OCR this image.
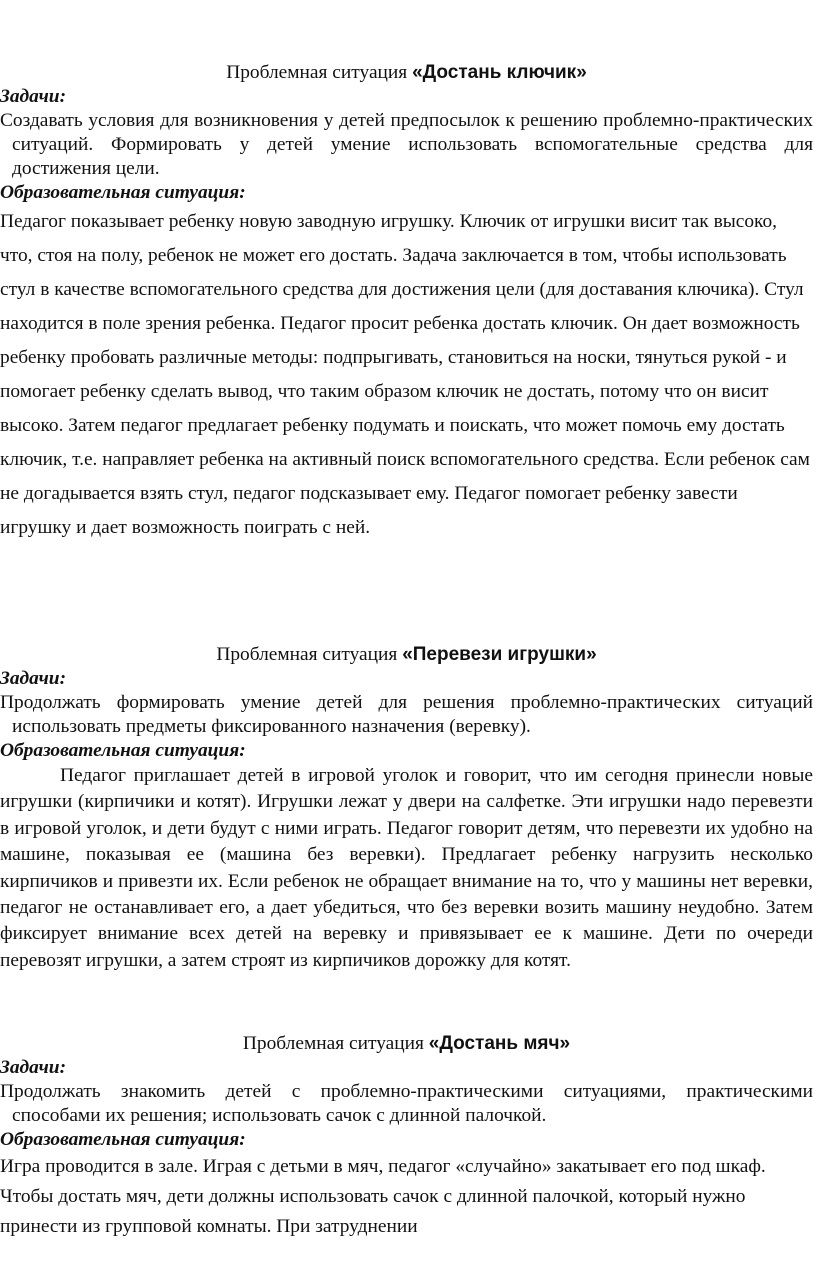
Проблемная ситуация «Достань ключик»

Задачи:

Создавать условия для возникновения у детей предпосылок к решению проблемно-практических ситуаций. Формировать у детей умение использовать вспомогательные средства для достижения цели.

Образовательная ситуация:

Педагог показывает ребенку новую заводную игрушку. Ключик от игрушки висит так высоко, что, стоя на полу, ребенок не может его достать. Задача заключается в том, чтобы использовать стул в качестве вспомогательного средства для достижения цели (для доставания ключика). Стул находится в поле зрения ребенка. Педагог просит ребенка достать ключик. Он дает возможность ребенку пробовать различные методы: подпрыгивать, становиться на носки, тянуться рукой - и помогает ребенку сделать вывод, что таким образом ключик не достать, потому что он висит высоко. Затем педагог предлагает ребенку подумать и поискать, что может помочь ему достать ключик, т.е. направляет ребенка на активный поиск вспомогательного средства. Если ребенок сам не догадывается взять стул, педагог подсказывает ему. Педагог помогает ребенку завести игрушку и дает возможность поиграть с ней.

Проблемная ситуация «Перевези игрушки»

Задачи:

Продолжать формировать умение детей для решения проблемно-практических ситуаций использовать предметы фиксированного назначения (веревку).

Образовательная ситуация:

Педагог приглашает детей в игровой уголок и говорит, что им сегодня принесли новые игрушки (кирпичики и котят). Игрушки лежат у двери на салфетке. Эти игрушки надо перевезти в игровой уголок, и дети будут с ними играть. Педагог говорит детям, что перевезти их удобно на машине, показывая ее (машина без веревки). Предлагает ребенку нагрузить несколько кирпичиков и привезти их. Если ребенок не обращает внимание на то, что у машины нет веревки, педагог не останавливает его, а дает убедиться, что без веревки возить машину неудобно. Затем фиксирует внимание всех детей на веревку и привязывает ее к машине. Дети по очереди перевозят игрушки, а затем строят из кирпичиков дорожку для котят.

Проблемная ситуация «Достань мяч»

Задачи:

Продолжать знакомить детей с проблемно-практическими ситуациями, практическими способами их решения; использовать сачок с длинной палочкой.

Образовательная ситуация:

Игра проводится в зале. Играя с детьми в мяч, педагог «случайно» закатывает его под шкаф. Чтобы достать мяч, дети должны использовать сачок с длинной палочкой, который нужно принести из групповой комнаты. При затруднении
